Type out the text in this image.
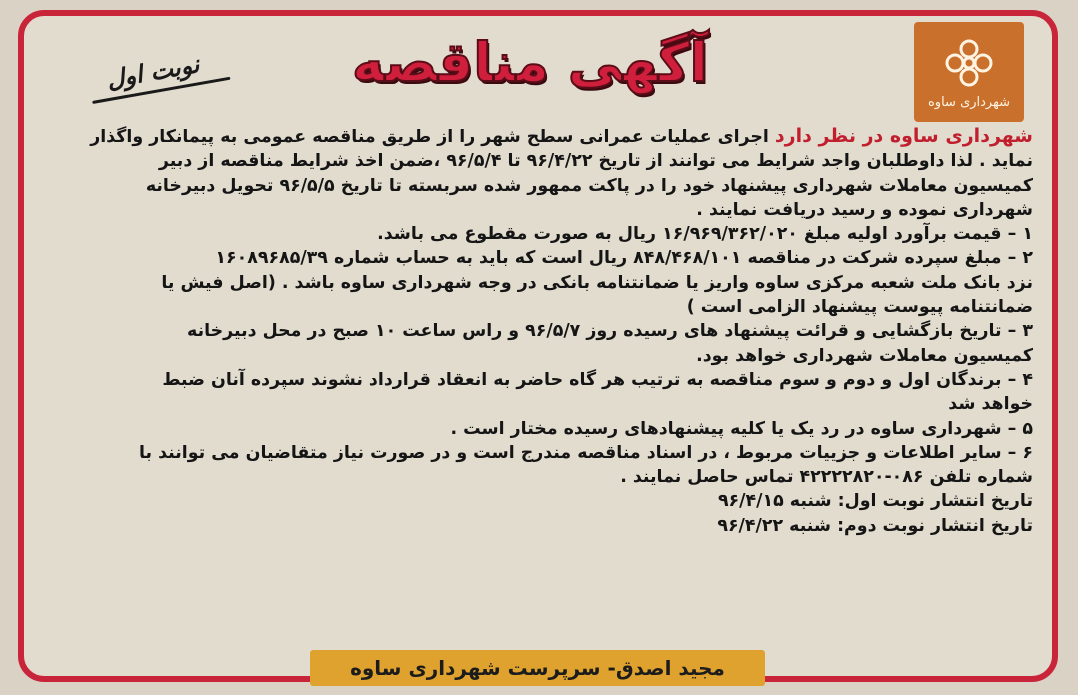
شهرداری ساوه
آگهی مناقصه
نوبت اول
شهرداری ساوه در نظر دارد اجرای عملیات عمرانی سطح شهر را از طریق مناقصه عمومی به پیمانکار واگذار
نماید . لذا داوطلبان واجد شرایط می توانند از تاریخ ۹۶/۴/۲۲ تا ۹۶/۵/۴ ،ضمن اخذ شرایط مناقصه از دبیر
کمیسیون معاملات شهرداری پیشنهاد خود را در پاکت ممهور شده سربسته تا تاریخ ۹۶/۵/۵ تحویل دبیرخانه
شهرداری نموده و رسید دریافت نمایند .
۱ – قیمت برآورد اولیه مبلغ ۱۶/۹۶۹/۳۶۲/۰۲۰ ریال به صورت مقطوع می باشد.
۲ – مبلغ سپرده شرکت در مناقصه ۸۴۸/۴۶۸/۱۰۱ ریال است که باید به حساب شماره ۱۶۰۸۹۶۸۵/۳۹
نزد بانک ملت شعبه مرکزی ساوه واریز یا ضمانتنامه بانکی در وجه شهرداری ساوه باشد . (اصل فیش یا
ضمانتنامه پیوست پیشنهاد الزامی است )
۳ – تاریخ بازگشایی و قرائت پیشنهاد های رسیده روز ۹۶/۵/۷ و راس ساعت ۱۰ صبح در محل دبیرخانه
کمیسیون معاملات شهرداری خواهد بود.
۴ – برندگان اول و دوم و سوم مناقصه به ترتیب هر گاه حاضر به انعقاد قرارداد نشوند سپرده آنان ضبط
خواهد شد
۵ – شهرداری ساوه در رد یک یا کلیه پیشنهادهای رسیده مختار است .
۶ – سایر اطلاعات و جزییات مربوط ، در اسناد مناقصه مندرج است و در صورت نیاز متقاضیان می توانند با
شماره تلفن ۰۸۶-۴۲۲۲۲۸۲۰ تماس حاصل نمایند .
تاریخ انتشار نوبت اول: شنبه ۹۶/۴/۱۵
تاریخ انتشار نوبت دوم: شنبه ۹۶/۴/۲۲
مجید اصدق- سرپرست شهرداری ساوه
